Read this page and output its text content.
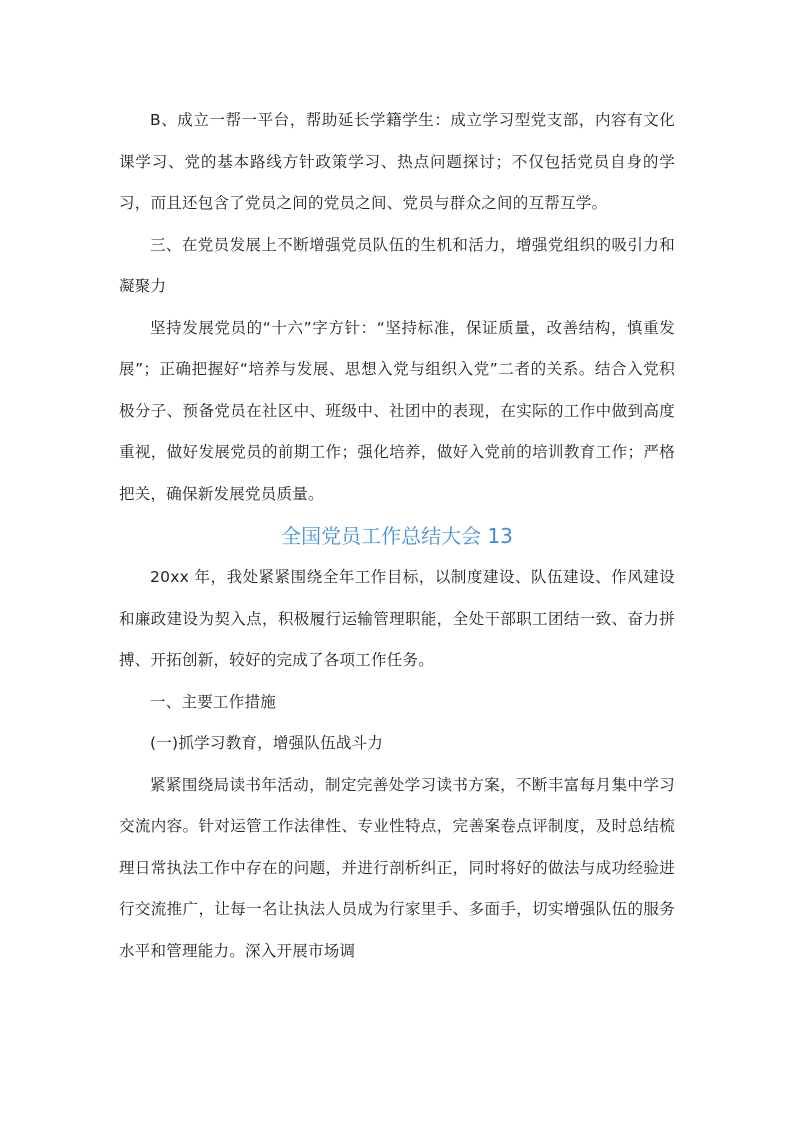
B、成立一帮一平台，帮助延长学籍学生：成立学习型党支部，内容有文化课学习、党的基本路线方针政策学习、热点问题探讨；不仅包括党员自身的学习，而且还包含了党员之间的党员之间、党员与群众之间的互帮互学。

三、在党员发展上不断增强党员队伍的生机和活力，增强党组织的吸引力和凝聚力

坚持发展党员的“十六”字方针：“坚持标准，保证质量，改善结构，慎重发展”；正确把握好“培养与发展、思想入党与组织入党”二者的关系。结合入党积极分子、预备党员在社区中、班级中、社团中的表现，在实际的工作中做到高度重视，做好发展党员的前期工作；强化培养，做好入党前的培训教育工作；严格把关，确保新发展党员质量。

全国党员工作总结大会 13

20xx 年，我处紧紧围绕全年工作目标，以制度建设、队伍建设、作风建设和廉政建设为契入点，积极履行运输管理职能，全处干部职工团结一致、奋力拼搏、开拓创新，较好的完成了各项工作任务。

一、主要工作措施

(一)抓学习教育，增强队伍战斗力

紧紧围绕局读书年活动，制定完善处学习读书方案，不断丰富每月集中学习交流内容。针对运管工作法律性、专业性特点，完善案卷点评制度，及时总结梳理日常执法工作中存在的问题，并进行剖析纠正，同时将好的做法与成功经验进行交流推广，让每一名让执法人员成为行家里手、多面手，切实增强队伍的服务水平和管理能力。深入开展市场调
